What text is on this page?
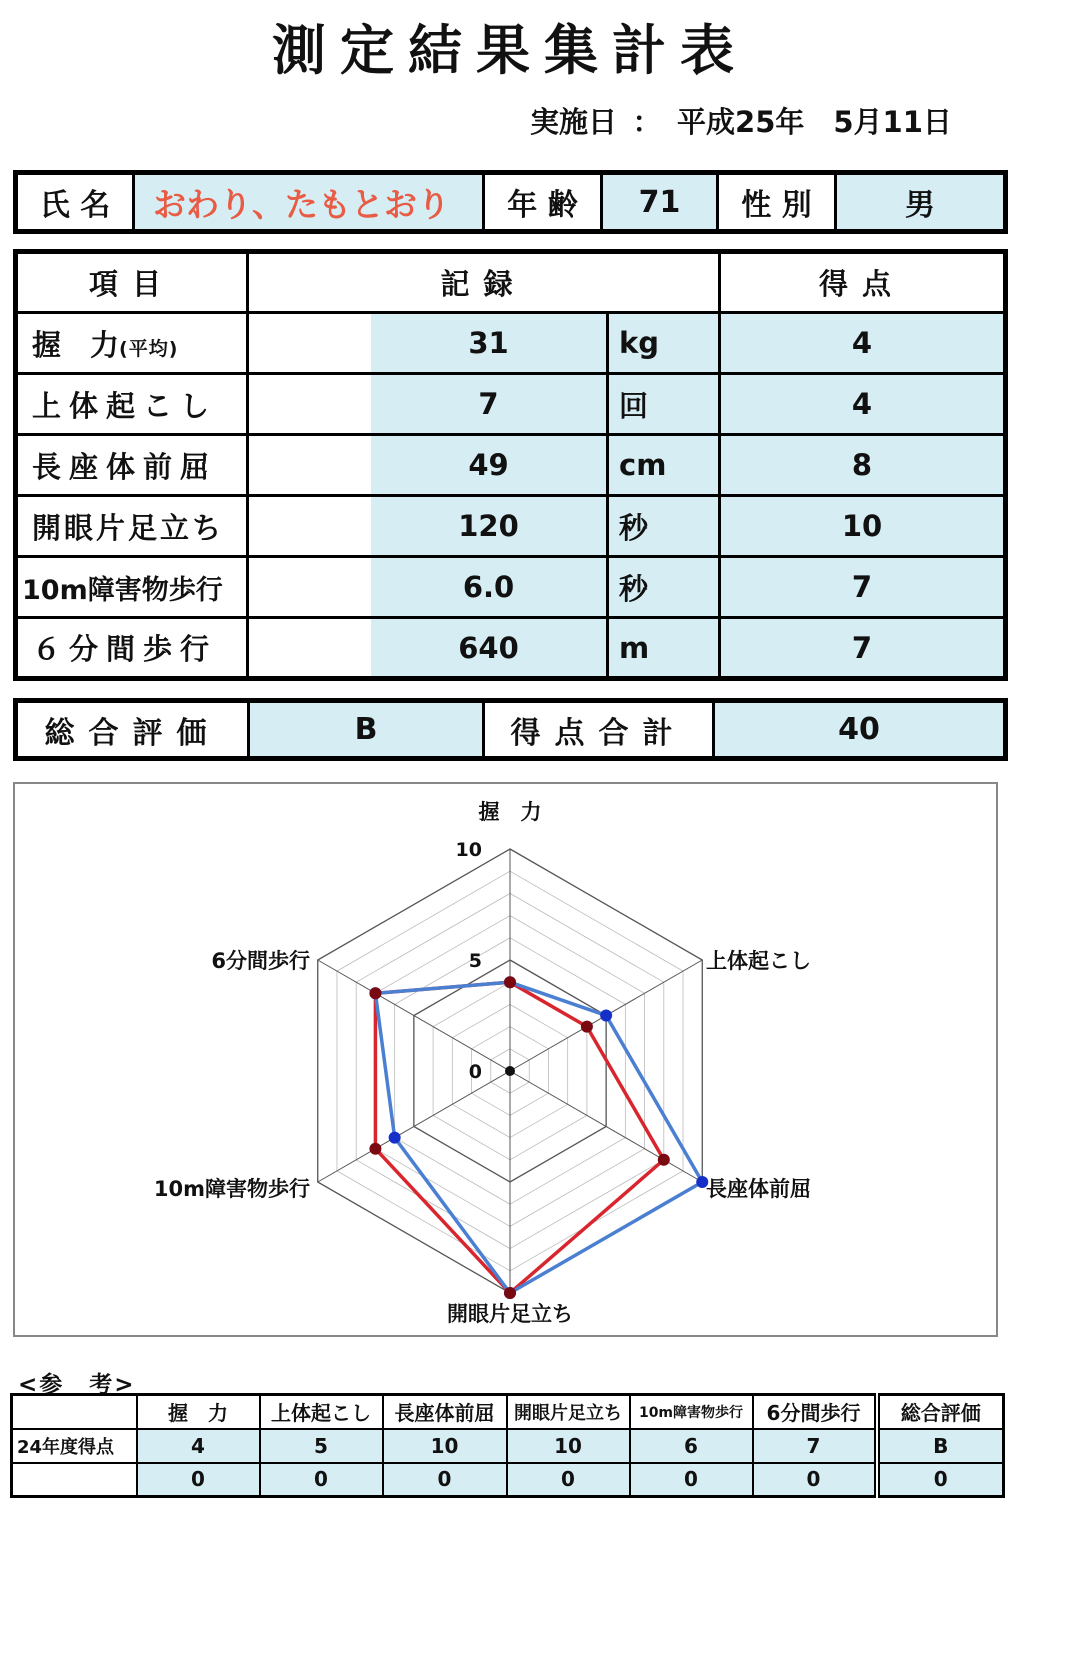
測定結果集計表
実施日 ： 平成25年　5月11日
氏 名	おわり、たもとおり	年 齢	71	性 別	男
項目	記録		得点
握　力(平均)	31	kg	4
上体起こし	7	回	4
長座体前屈	49	cm	8
開眼片足立ち	120	秒	10
10m障害物歩行	6.0	秒	7
６分間歩行	640	m	7
総合評価	B	得点合計	40
10
5
0
握　力
上体起こし
長座体前屈
開眼片足立ち
10m障害物歩行
6分間歩行
<参　考>
	握　力	上体起こし	長座体前屈	開眼片足立ち	10m障害物歩行	6分間歩行	総合評価
24年度得点	4	5	10	10	6	7	B
	0	0	0	0	0	0	0
